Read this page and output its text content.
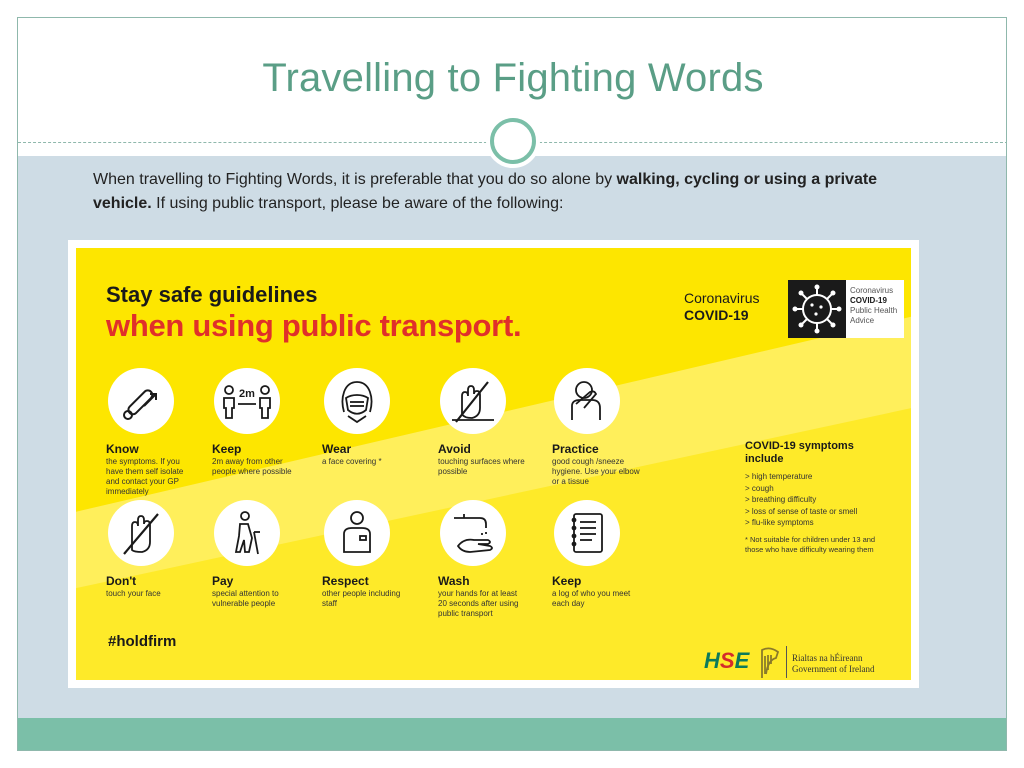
Travelling to Fighting Words
When travelling to Fighting Words, it is preferable that you do so alone by walking, cycling or using a private vehicle. If using public transport, please be aware of the following:
Stay safe guidelines
when using public transport.
Coronavirus
COVID-19
Coronavirus
COVID-19
Public Health
Advice
Know
the symptoms. If you have them self isolate and contact your GP immediately
2m
Keep
2m away from other people where possible
Wear
a face covering *
Avoid
touching surfaces where possible
Practice
good cough /sneeze hygiene. Use your elbow or a tissue
Don't
touch your face
Pay
special attention to vulnerable people
Respect
other people including staff
Wash
your hands for at least 20 seconds after using public transport
Keep
a log of who you meet each day
COVID-19 symptoms include
> high temperature
> cough
> breathing difficulty
> loss of sense of taste or smell
> flu-like symptoms
* Not suitable for children under 13 and those who have difficulty wearing them
#holdfirm
HSE	Rialtas na hÉireann
Government of Ireland
